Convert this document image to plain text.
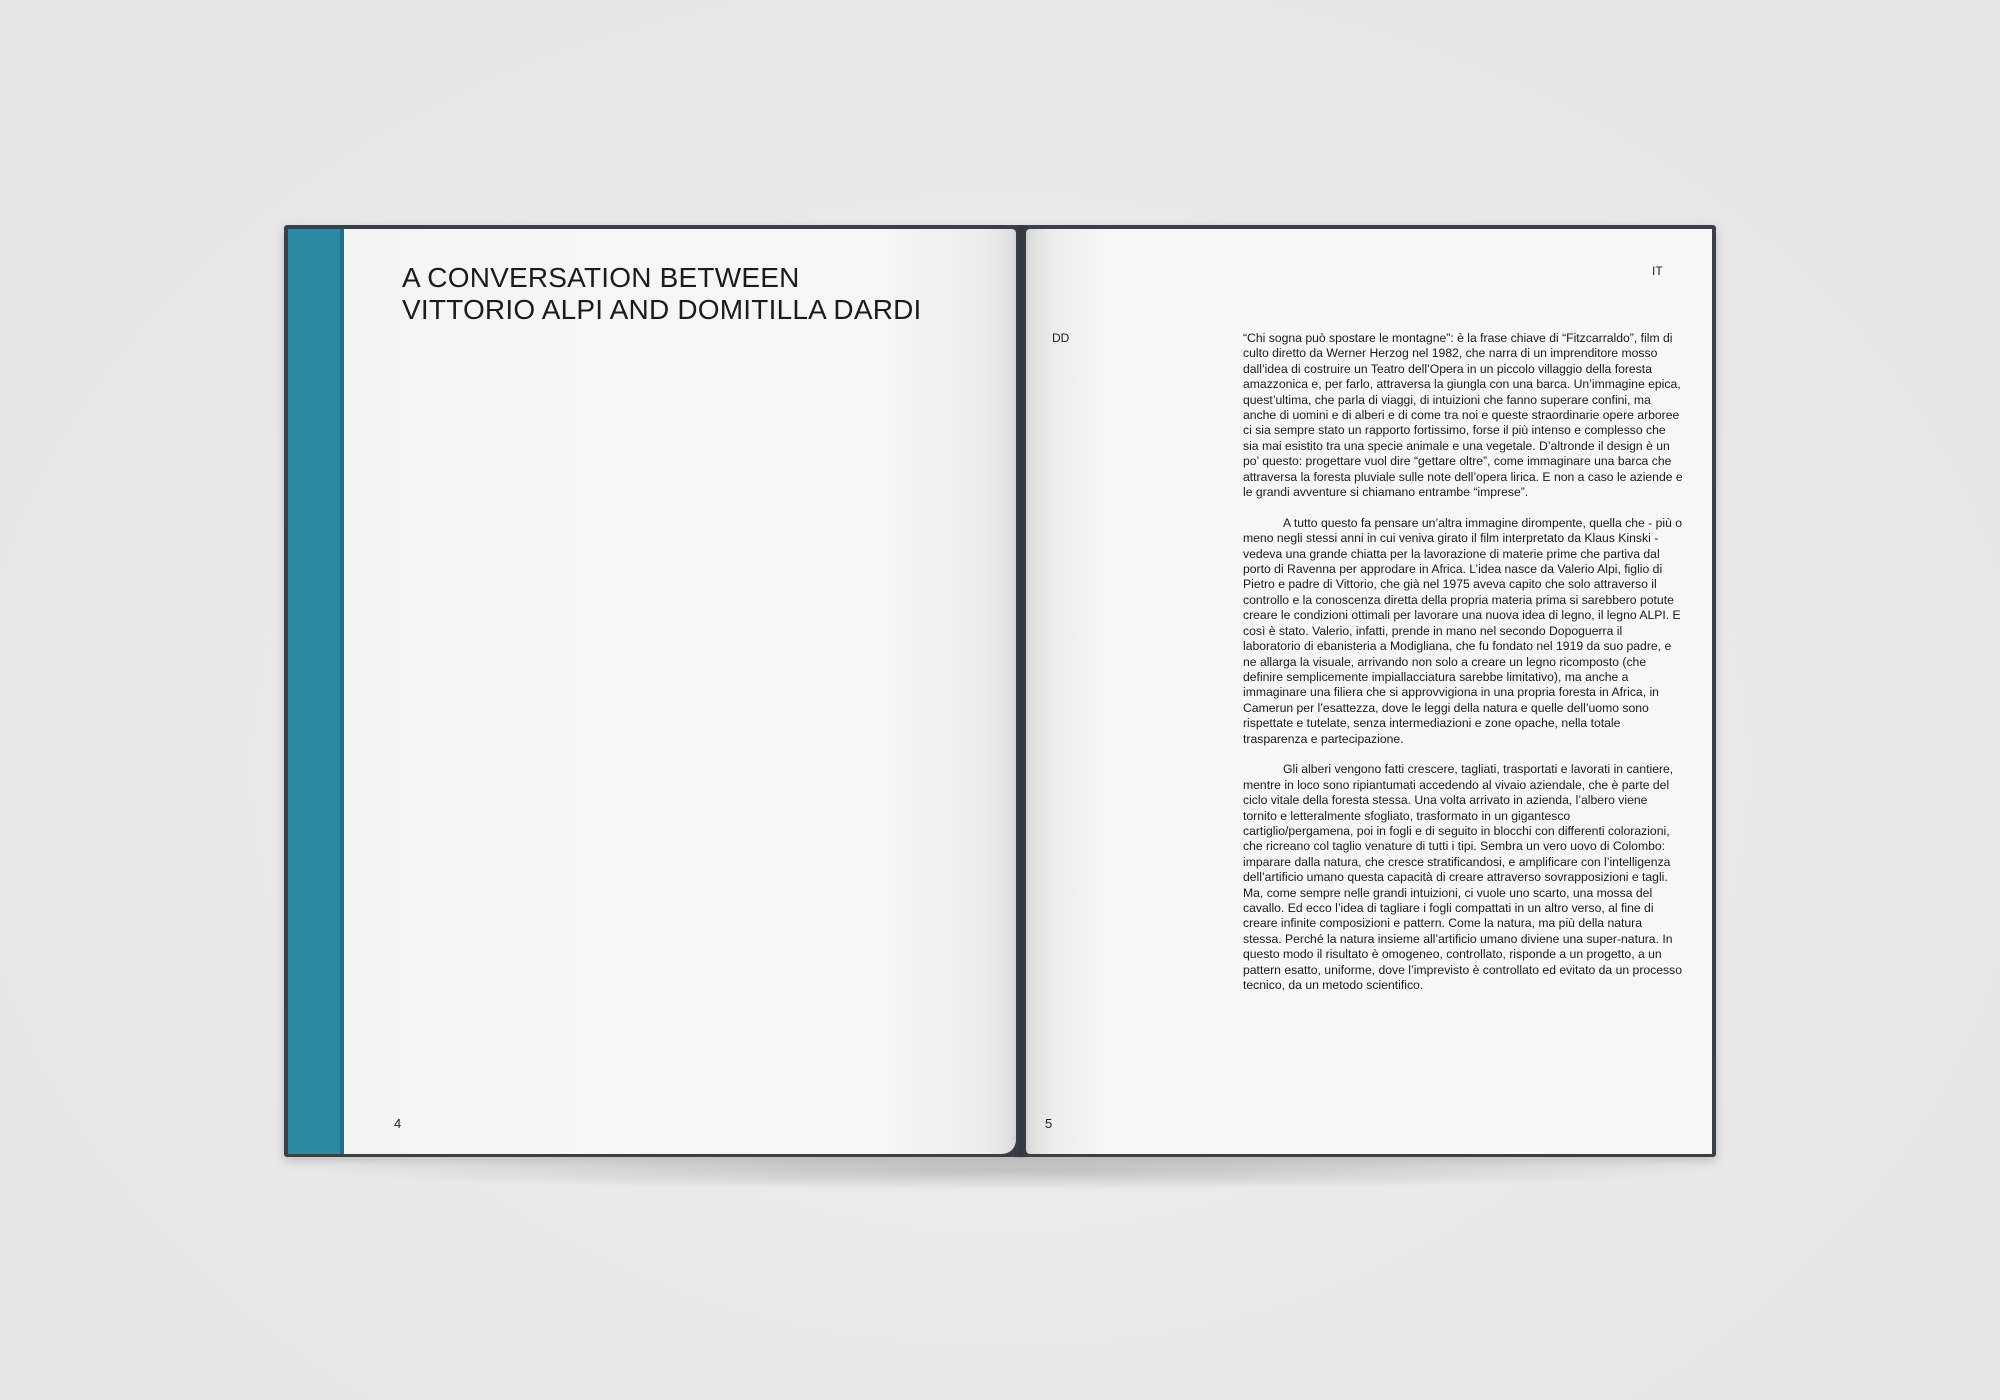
A CONVERSATION BETWEEN
VITTORIO ALPI AND DOMITILLA DARDI
4
IT
DD	“Chi sogna può spostare le montagne”: è la frase chiave di “Fitzcarraldo”, film di culto diretto da Werner Herzog nel 1982, che narra di un imprenditore mosso dall’idea di costruire un Teatro dell’Opera in un piccolo villaggio della foresta amazzonica e, per farlo, attraversa la giungla con una barca. Un’immagine epica, quest’ultima, che parla di viaggi, di intuizioni che fanno superare confini, ma anche di uomini e di alberi e di come tra noi e queste straordinarie opere arboree ci sia sempre stato un rapporto fortissimo, forse il più intenso e complesso che sia mai esistito tra una specie animale e una vegetale. D’altronde il design è un po’ questo: progettare vuol dire “gettare oltre”, come immaginare una barca che attraversa la foresta pluviale sulle note dell’opera lirica. E non a caso le aziende e le grandi avventure si chiamano entrambe “imprese”.

A tutto questo fa pensare un’altra immagine dirompente, quella che - più o meno negli stessi anni in cui veniva girato il film interpretato da Klaus Kinski - vedeva una grande chiatta per la lavorazione di materie prime che partiva dal porto di Ravenna per approdare in Africa. L’idea nasce da Valerio Alpi, figlio di Pietro e padre di Vittorio, che già nel 1975 aveva capito che solo attraverso il controllo e la conoscenza diretta della propria materia prima si sarebbero potute creare le condizioni ottimali per lavorare una nuova idea di legno, il legno ALPI. E così è stato. Valerio, infatti, prende in mano nel secondo Dopoguerra il laboratorio di ebanisteria a Modigliana, che fu fondato nel 1919 da suo padre, e ne allarga la visuale, arrivando non solo a creare un legno ricomposto (che definire semplicemente impiallacciatura sarebbe limitativo), ma anche a immaginare una filiera che si approvvigiona in una propria foresta in Africa, in Camerun per l’esattezza, dove le leggi della natura e quelle dell’uomo sono rispettate e tutelate, senza intermediazioni e zone opache, nella totale trasparenza e partecipazione.

Gli alberi vengono fatti crescere, tagliati, trasportati e lavorati in cantiere, mentre in loco sono ripiantumati accedendo al vivaio aziendale, che è parte del ciclo vitale della foresta stessa. Una volta arrivato in azienda, l’albero viene tornito e letteralmente sfogliato, trasformato in un gigantesco cartiglio/pergamena, poi in fogli e di seguito in blocchi con differenti colorazioni, che ricreano col taglio venature di tutti i tipi. Sembra un vero uovo di Colombo: imparare dalla natura, che cresce stratificandosi, e amplificare con l’intelligenza dell’artificio umano questa capacità di creare attraverso sovrapposizioni e tagli. Ma, come sempre nelle grandi intuizioni, ci vuole uno scarto, una mossa del cavallo. Ed ecco l’idea di tagliare i fogli compattati in un altro verso, al fine di creare infinite composizioni e pattern. Come la natura, ma più della natura stessa. Perché la natura insieme all’artificio umano diviene una super-natura. In questo modo il risultato è omogeneo, controllato, risponde a un progetto, a un pattern esatto, uniforme, dove l’imprevisto è controllato ed evitato da un processo tecnico, da un metodo scientifico.

5
